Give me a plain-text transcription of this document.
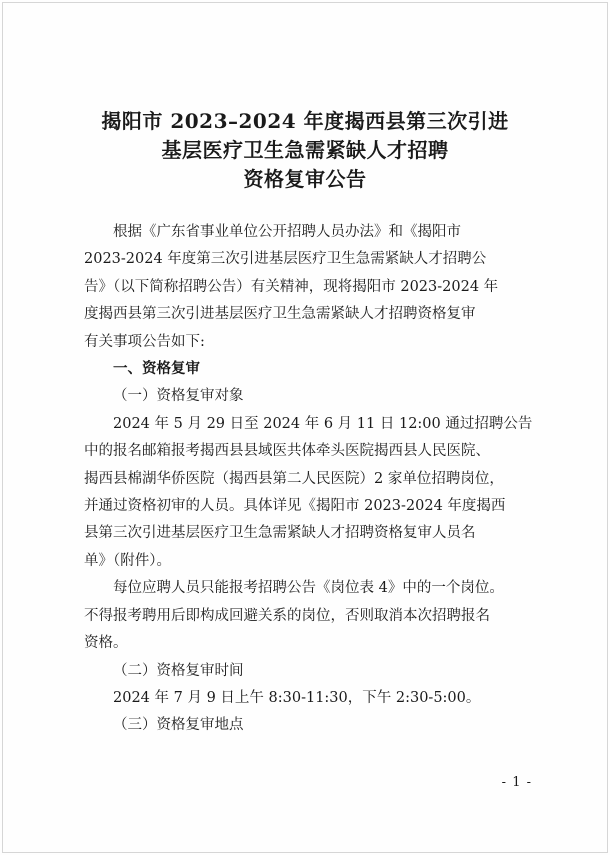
揭阳市 2023–2024 年度揭西县第三次引进
基层医疗卫生急需紧缺人才招聘
资格复审公告
根据《广东省事业单位公开招聘人员办法》和《揭阳市
2023-2024 年度第三次引进基层医疗卫生急需紧缺人才招聘公
告》（以下简称招聘公告）有关精神，现将揭阳市 2023-2024 年
度揭西县第三次引进基层医疗卫生急需紧缺人才招聘资格复审
有关事项公告如下:
一、资格复审
（一）资格复审对象
2024 年 5 月 29 日至 2024 年 6 月 11 日 12:00 通过招聘公告
中的报名邮箱报考揭西县县域医共体牵头医院揭西县人民医院、
揭西县棉湖华侨医院（揭西县第二人民医院）2 家单位招聘岗位，
并通过资格初审的人员。具体详见《揭阳市 2023-2024 年度揭西
县第三次引进基层医疗卫生急需紧缺人才招聘资格复审人员名
单》（附件）。
每位应聘人员只能报考招聘公告《岗位表 4》中的一个岗位。
不得报考聘用后即构成回避关系的岗位，否则取消本次招聘报名
资格。
（二）资格复审时间
2024 年 7 月 9 日上午 8:30-11:30，下午 2:30-5:00。
（三）资格复审地点
- 1 -
